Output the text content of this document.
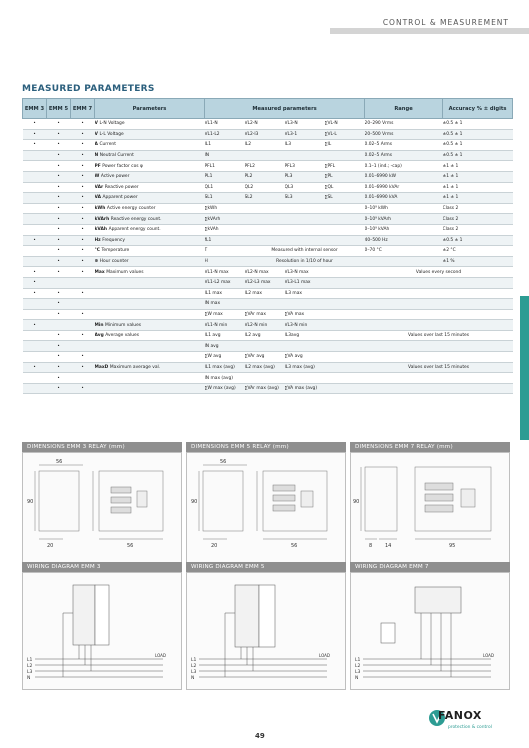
CONTROL & MEASUREMENT
MEASURED PARAMETERS
EMM 3	EMM 5	EMM 7	Parameters	Measured parameters				Range	Accuracy % ± digits
•	•	•	V L-N Voltage	VL1-N	VL2-N	VL3-N	∑VL-N	20–290 Vrms	±0.5 ± 1
•	•	•	V L-L Voltage	VL1-L2	VL2-l3	VL3-1	∑VL-L	20–500 Vrms	±0.5 ± 1
•	•	•	A Current	IL1	IL2	IL3	∑IL	0.02–5 Arms	±0.5 ± 1
	•	•	N Neutral Current	IN				0.02–5 Arms	±0.5 ± 1
	•	•	PF Power factor cos φ	PFL1	PFL2	PFL3	∑PFL	0.1–1 (ind.; -cap)	±1 ± 1
	•	•	W Active power	PL1	PL2	PL3	∑PL	0.01–6990 kW	±1 ± 1
	•	•	VAr Reactive power	QL1	QL2	QL3	∑QL	0.01–6990 kVAr	±1 ± 1
	•	•	VA Apparent power	SL1	SL2	SL3	∑SL	0.01–6990 kVA	±1 ± 1
	•	•	kWh Active energy counter	∑kWh				0–10⁹ kWh	Class 2
	•	•	kVArh Reactive energy count.	∑kVArh				0–10⁹ kVArh	Class 2
	•	•	kVAh Apparent energy count.	∑kVAh				0–10⁹ kVAh	Class 2
•	•	•	Hz Frequency	fL1				40–500 Hz	±0.5 ± 1
	•	•	°C Temperature	T	Measured with internal sensor			0–70 °C	±2 °C
	•	•	⊕ Hour counter	H	Resolution in 1/10 of hour				±1 %
•	•	•	Max Maximum values	VL1-N max	VL2-N max	VL3-N max		Values every second	
•				VL1-L2 max	VL2-L3 max	VL3-L1 max			
•	•	•		IL1 max	IL2 max	IL3 max			
	•			IN max					
	•	•		∑W max	∑VAr max	∑VA max			
•			Min Minimum values	VL1-N min	VL2-N min	VL3-N min			
	•	•	Avg Average values	IL1 avg	IL2 avg	IL3avg		Values over last 15 minutes	
	•			IN avg					
	•	•		∑W avg	∑VAr avg	∑VA avg			
•	•	•	MaxD Maximum average val.	IL1 max (avg)	IL2 max (avg)	IL3 max (avg)		Values over last 15 minutes	
	•			IN max (avg)					
	•	•		∑W max (avg)	∑VAr max (avg)	∑VA max (avg)			
DIMENSIONS EMM 3 RELAY (mm)
56
90
20	56
DIMENSIONS EMM 5 RELAY (mm)
56
90
20	56
DIMENSIONS EMM 7 RELAY (mm)
90
8	14	95
WIRING DIAGRAM EMM 3
L1
L2
L3
N
LOAD
WIRING DIAGRAM EMM 5
L1
L2
L3
N
LOAD
WIRING DIAGRAM EMM 7
L1
L2
L3
N
LOAD
49
FANOX
protection & control
